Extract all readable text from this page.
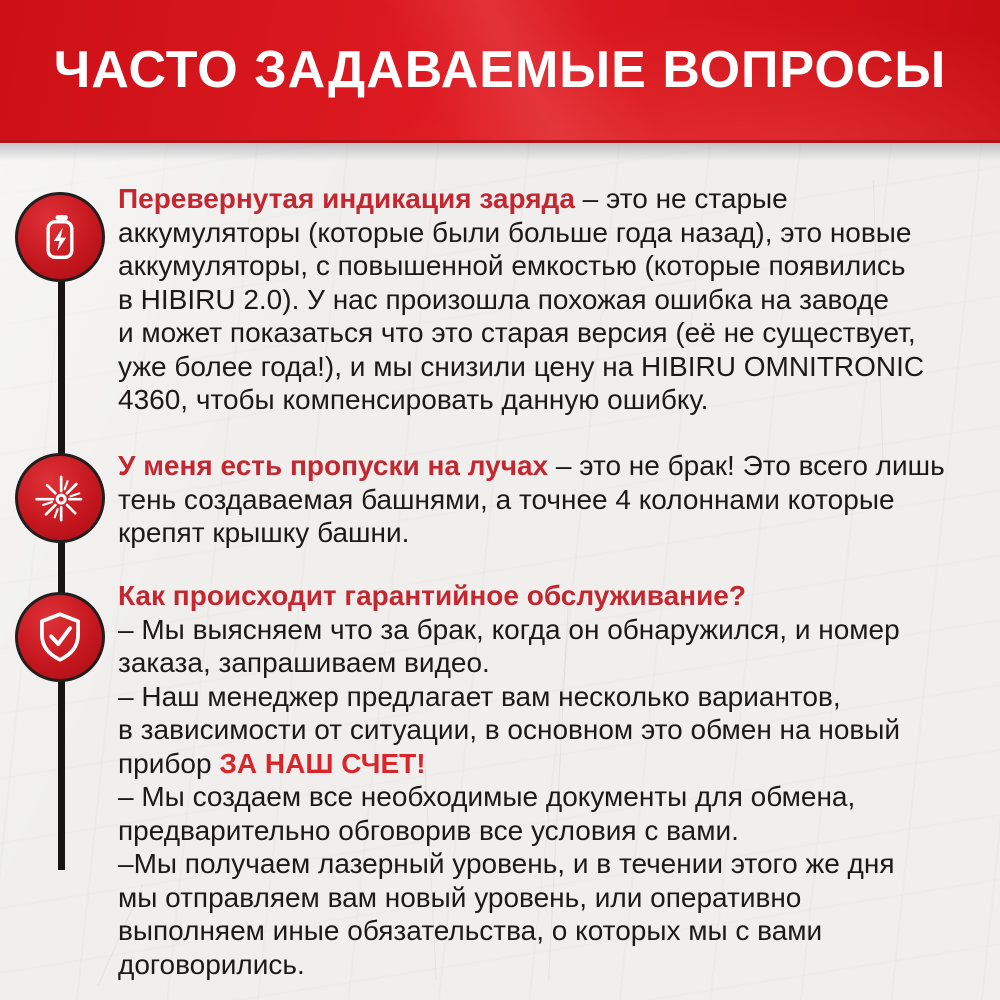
ЧАСТО ЗАДАВАЕМЫЕ ВОПРОСЫ

Перевернутая индикация заряда – это не старые
аккумуляторы (которые были больше года назад), это новые
аккумуляторы, с повышенной емкостью (которые появились
в HIBIRU 2.0). У нас произошла похожая ошибка на заводе
и может показаться что это старая версия (её не существует,
уже более года!), и мы снизили цену на HIBIRU OMNITRONIC
4360, чтобы компенсировать данную ошибку.

У меня есть пропуски на лучах – это не брак! Это всего лишь
тень создаваемая башнями, а точнее 4 колоннами которые
крепят крышку башни.

Как происходит гарантийное обслуживание?
– Мы выясняем что за брак, когда он обнаружился, и номер
заказа, запрашиваем видео.
– Наш менеджер предлагает вам несколько вариантов,
в зависимости от ситуации, в основном это обмен на новый
прибор ЗА НАШ СЧЕТ!
– Мы создаем все необходимые документы для обмена,
предварительно обговорив все условия с вами.
–Мы получаем лазерный уровень, и в течении этого же дня
мы отправляем вам новый уровень, или оперативно
выполняем иные обязательства, о которых мы с вами
договорились.
